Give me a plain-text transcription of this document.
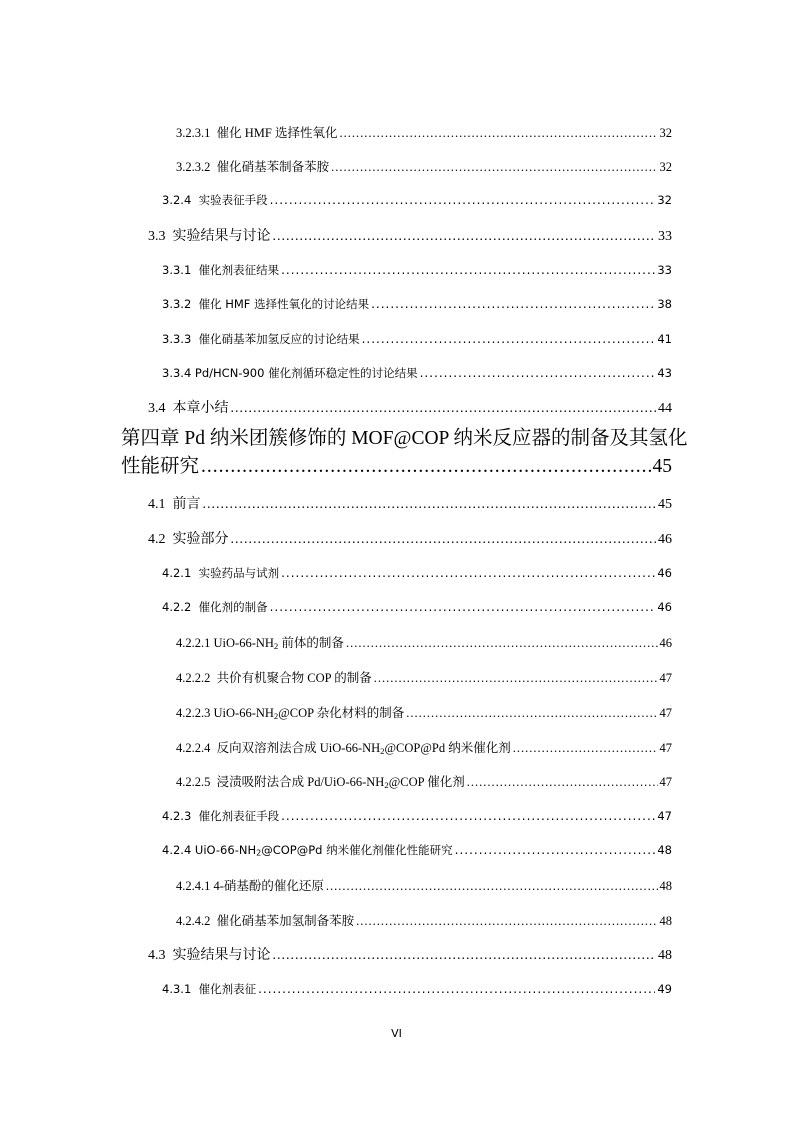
3.2.3.1 催化 HMF 选择性氧化 .....	32
3.2.3.2 催化硝基苯制备苯胺 .....	32
3.2.4 实验表征手段 .....	32
3.3 实验结果与讨论 .....	33
3.3.1 催化剂表征结果 .....	33
3.3.2 催化 HMF 选择性氧化的讨论结果 .....	38
3.3.3 催化硝基苯加氢反应的讨论结果 .....	41
3.3.4 Pd/HCN-900 催化剂循环稳定性的讨论结果 .....	43
3.4 本章小结 .....	44
第四章 Pd 纳米团簇修饰的 MOF@COP 纳米反应器的制备及其氢化
性能研究 .....	45
4.1 前言 .....	45
4.2 实验部分 .....	46
4.2.1 实验药品与试剂 .....	46
4.2.2 催化剂的制备 .....	46
4.2.2.1 UiO-$66-NH_2$ 前体的制备 .....	46
4.2.2.2 共价有机聚合物 COP 的制备 .....	47
4.2.2.3 UiO-$66-NH_2@COP$ 杂化材料的制备 .....	47
4.2.2.4 反向双溶剂法合成 UiO-$66-NH_2@COP@Pd$ 纳米催化剂 .....	47
4.2.2.5 浸渍吸附法合成 $Pd/UiO-66-NH_2@COP$ 催化剂 .....	47
4.2.3 催化剂表征手段 .....	47
4.2.4 UiO-$66-NH_2@COP@Pd$ 纳米催化剂催化性能研究 .....	48
4.2.4.1 4-硝基酚的催化还原 .....	48
4.2.4.2 催化硝基苯加氢制备苯胺 .....	48
4.3 实验结果与讨论 .....	48
4.3.1 催化剂表征 .....	49
VI
